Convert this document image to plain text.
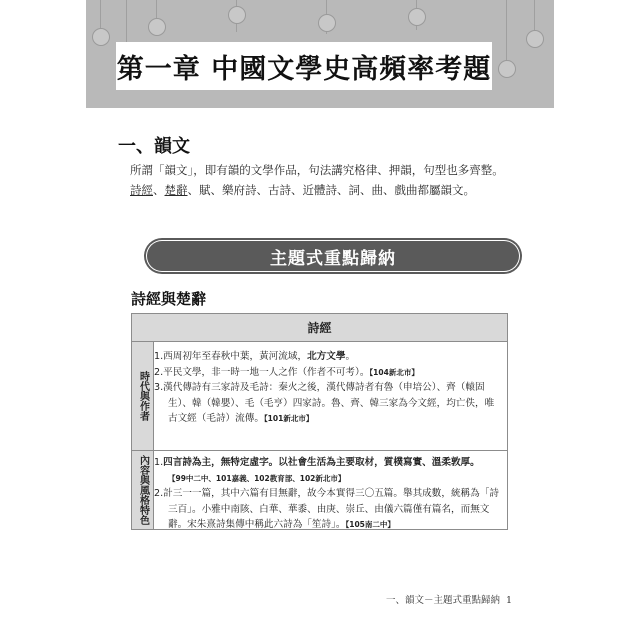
第一章 中國文學史高頻率考題
一、韻文
所謂「韻文」，即有韻的文學作品，句法講究格律、押韻，句型也多齊整。詩經、楚辭、賦、樂府詩、古詩、近體詩、詞、曲、戲曲都屬韻文。
主題式重點歸納
詩經與楚辭
詩經
時代與作者
1.西周初年至春秋中葉，黃河流域，北方文學。
2.平民文學，非一時一地一人之作（作者不可考）。【104新北市】
3.漢代傳詩有三家詩及毛詩：秦火之後，漢代傳詩者有魯（申培公）、齊（轅固生）、韓（韓嬰）、毛（毛亨）四家詩。魯、齊、韓三家為今文經，均亡佚，唯古文經（毛詩）流傳。【101新北市】
內容與風格特色 1.四言詩為主，無特定虛字。以社會生活為主要取材，質樸寫實、溫柔敦厚。
【99中二中、101嘉義、102教育部、102新北市】
2.計三一一篇，其中六篇有目無辭，故今本實得三〇五篇。舉其成數，統稱為「詩三百」。小雅中南陔、白華、華黍、由庚、崇丘、由儀六篇僅有篇名，而無文辭。宋朱熹詩集傳中稱此六詩為「笙詩」。【105南二中】
一、韻文－主題式重點歸納 1
